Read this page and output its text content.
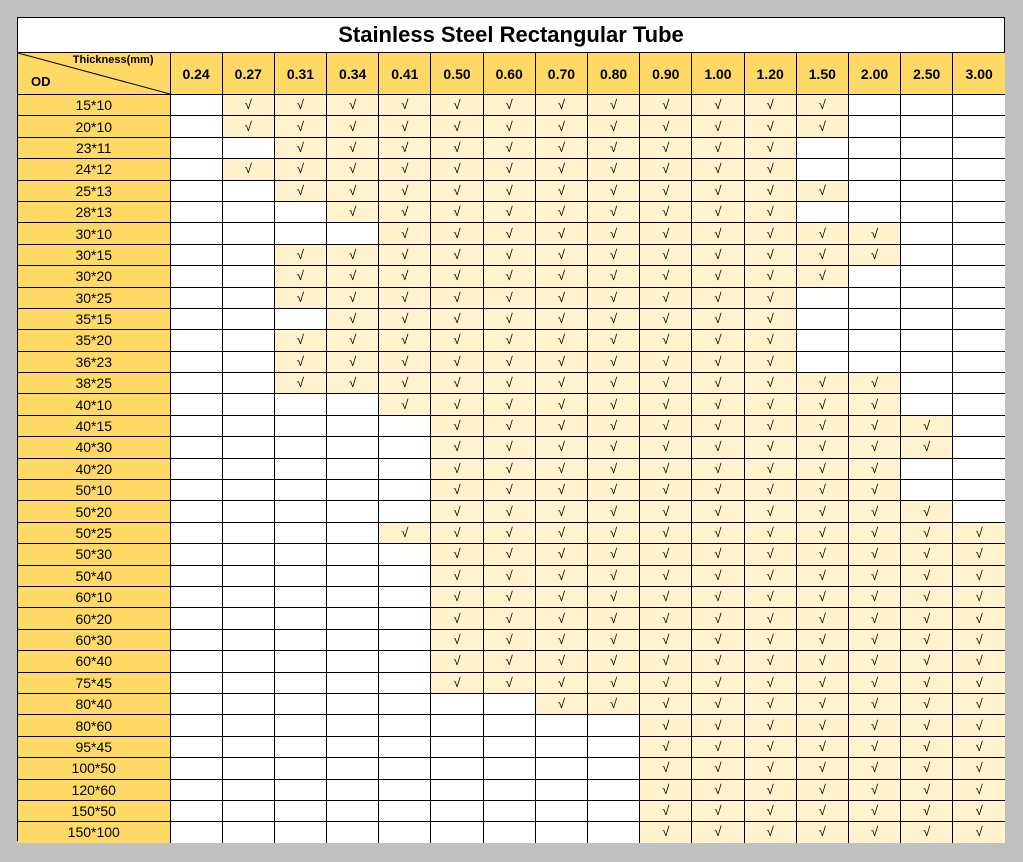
Stainless Steel Rectangular Tube
Thickness(mm)
OD	0.24	0.27	0.31	0.34	0.41	0.50	0.60	0.70	0.80	0.90	1.00	1.20	1.50	2.00	2.50	3.00
15*10		√	√	√	√	√	√	√	√	√	√	√	√			
20*10		√	√	√	√	√	√	√	√	√	√	√	√			
23*11			√	√	√	√	√	√	√	√	√	√				
24*12		√	√	√	√	√	√	√	√	√	√	√				
25*13			√	√	√	√	√	√	√	√	√	√	√			
28*13				√	√	√	√	√	√	√	√	√				
30*10					√	√	√	√	√	√	√	√	√	√		
30*15			√	√	√	√	√	√	√	√	√	√	√	√		
30*20			√	√	√	√	√	√	√	√	√	√	√			
30*25			√	√	√	√	√	√	√	√	√	√				
35*15				√	√	√	√	√	√	√	√	√				
35*20			√	√	√	√	√	√	√	√	√	√				
36*23			√	√	√	√	√	√	√	√	√	√				
38*25			√	√	√	√	√	√	√	√	√	√	√	√		
40*10					√	√	√	√	√	√	√	√	√	√		
40*15						√	√	√	√	√	√	√	√	√	√	
40*30						√	√	√	√	√	√	√	√	√	√	
40*20						√	√	√	√	√	√	√	√	√		
50*10						√	√	√	√	√	√	√	√	√		
50*20						√	√	√	√	√	√	√	√	√	√	
50*25					√	√	√	√	√	√	√	√	√	√	√	√
50*30						√	√	√	√	√	√	√	√	√	√	√
50*40						√	√	√	√	√	√	√	√	√	√	√
60*10						√	√	√	√	√	√	√	√	√	√	√
60*20						√	√	√	√	√	√	√	√	√	√	√
60*30						√	√	√	√	√	√	√	√	√	√	√
60*40						√	√	√	√	√	√	√	√	√	√	√
75*45						√	√	√	√	√	√	√	√	√	√	√
80*40								√	√	√	√	√	√	√	√	√
80*60										√	√	√	√	√	√	√
95*45										√	√	√	√	√	√	√
100*50										√	√	√	√	√	√	√
120*60										√	√	√	√	√	√	√
150*50										√	√	√	√	√	√	√
150*100										√	√	√	√	√	√	√
